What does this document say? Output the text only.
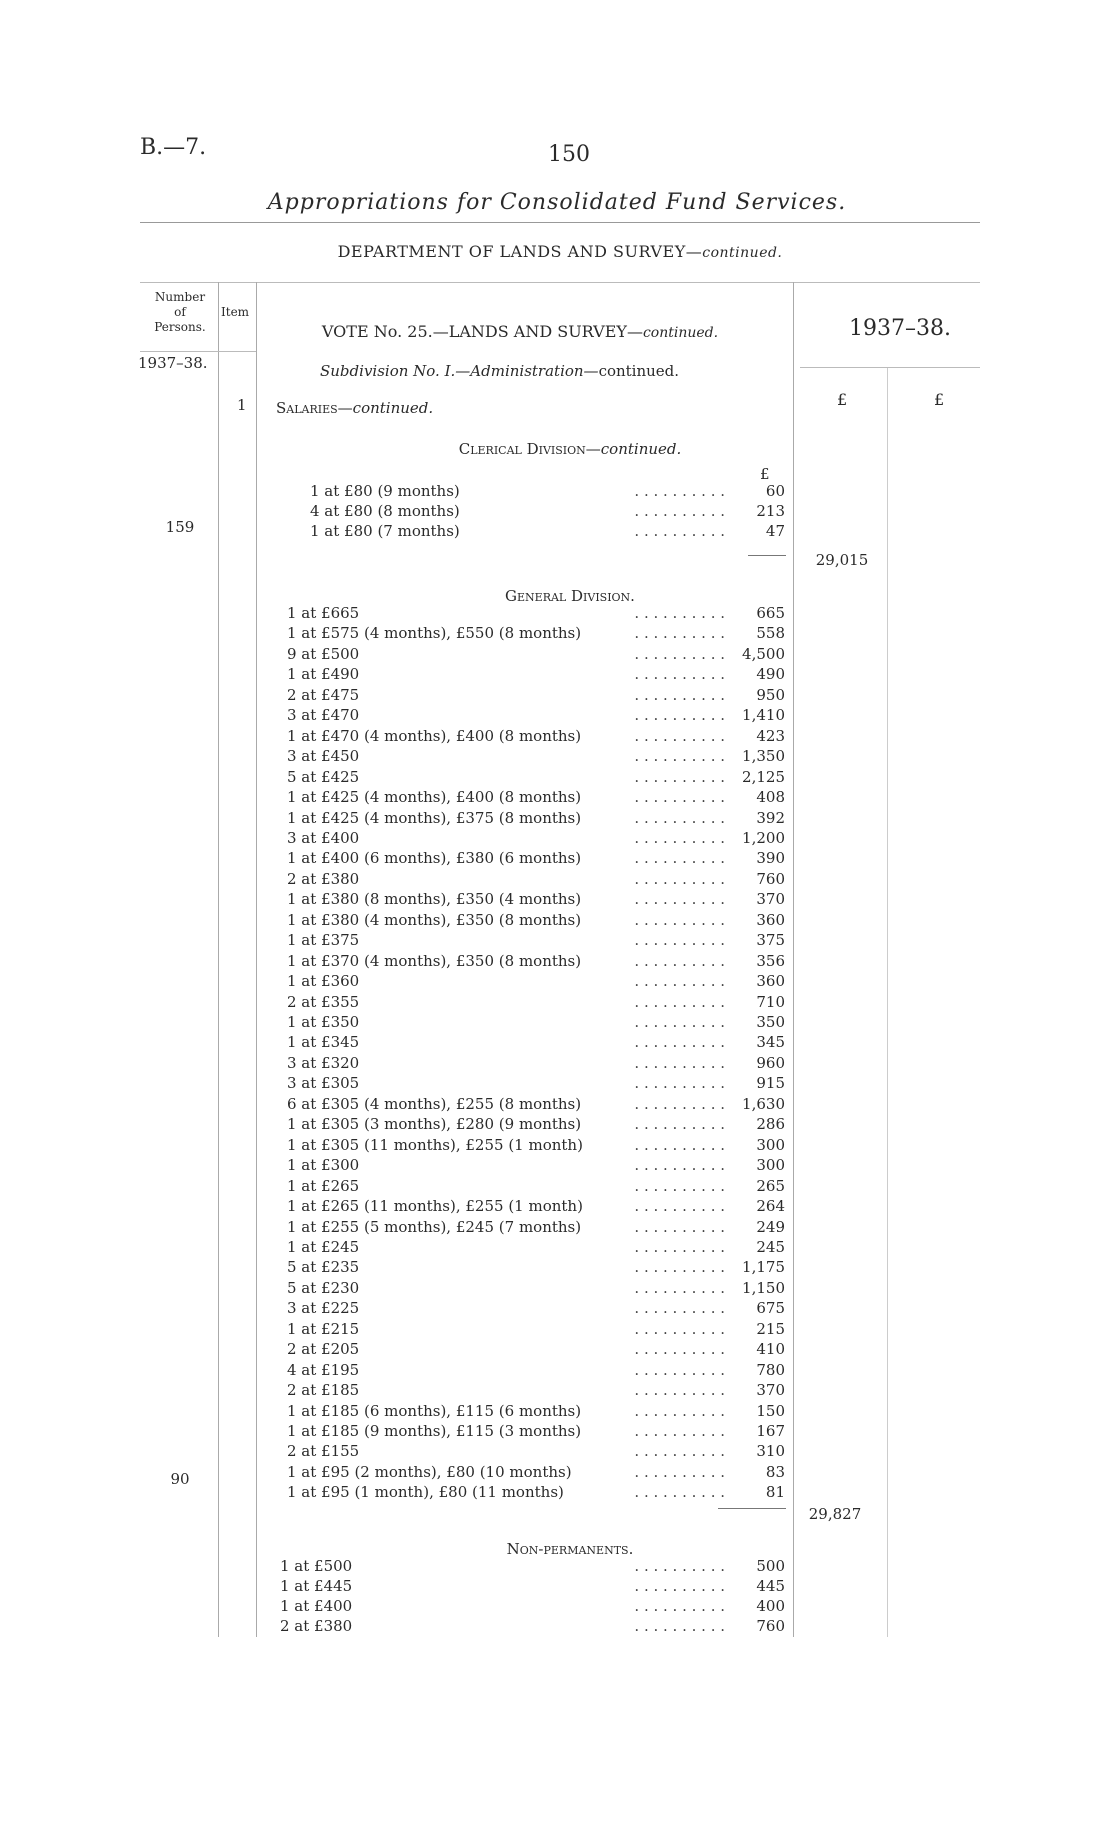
B.—7.	150
Appropriations for Consolidated Fund Services.
DEPARTMENT OF LANDS AND SURVEY—continued.
Number
of
Persons.
Item
1937–38.
1937–38.
£	£
VOTE No. 25.—LANDS AND SURVEY—continued.
Subdivision No. I.—Administration—continued.
1 Salaries—continued.
Clerical Division—continued.
£
1 at £80 (9 months)	. . . . . . . . . .	60
4 at £80 (8 months)	. . . . . . . . . .	213
1 at £80 (7 months)	. . . . . . . . . .	47
159
29,015
General Division.
1 at £665	. . . . . . . . . .	665
1 at £575 (4 months), £550 (8 months)	. . . . . . . . . .	558
9 at £500	. . . . . . . . . .	4,500
1 at £490	. . . . . . . . . .	490
2 at £475	. . . . . . . . . .	950
3 at £470	. . . . . . . . . .	1,410
1 at £470 (4 months), £400 (8 months)	. . . . . . . . . .	423
3 at £450	. . . . . . . . . .	1,350
5 at £425	. . . . . . . . . .	2,125
1 at £425 (4 months), £400 (8 months)	. . . . . . . . . .	408
1 at £425 (4 months), £375 (8 months)	. . . . . . . . . .	392
3 at £400	. . . . . . . . . .	1,200
1 at £400 (6 months), £380 (6 months)	. . . . . . . . . .	390
2 at £380	. . . . . . . . . .	760
1 at £380 (8 months), £350 (4 months)	. . . . . . . . . .	370
1 at £380 (4 months), £350 (8 months)	. . . . . . . . . .	360
1 at £375	. . . . . . . . . .	375
1 at £370 (4 months), £350 (8 months)	. . . . . . . . . .	356
1 at £360	. . . . . . . . . .	360
2 at £355	. . . . . . . . . .	710
1 at £350	. . . . . . . . . .	350
1 at £345	. . . . . . . . . .	345
3 at £320	. . . . . . . . . .	960
3 at £305	. . . . . . . . . .	915
6 at £305 (4 months), £255 (8 months)	. . . . . . . . . .	1,630
1 at £305 (3 months), £280 (9 months)	. . . . . . . . . .	286
1 at £305 (11 months), £255 (1 month)	. . . . . . . . . .	300
1 at £300	. . . . . . . . . .	300
1 at £265	. . . . . . . . . .	265
1 at £265 (11 months), £255 (1 month)	. . . . . . . . . .	264
1 at £255 (5 months), £245 (7 months)	. . . . . . . . . .	249
1 at £245	. . . . . . . . . .	245
5 at £235	. . . . . . . . . .	1,175
5 at £230	. . . . . . . . . .	1,150
3 at £225	. . . . . . . . . .	675
1 at £215	. . . . . . . . . .	215
2 at £205	. . . . . . . . . .	410
4 at £195	. . . . . . . . . .	780
2 at £185	. . . . . . . . . .	370
1 at £185 (6 months), £115 (6 months)	. . . . . . . . . .	150
1 at £185 (9 months), £115 (3 months)	. . . . . . . . . .	167
2 at £155	. . . . . . . . . .	310
1 at £95 (2 months), £80 (10 months)	. . . . . . . . . .	83
1 at £95 (1 month), £80 (11 months)	. . . . . . . . . .	81
90
29,827
Non-permanents.
1 at £500	. . . . . . . . . .	500
1 at £445	. . . . . . . . . .	445
1 at £400	. . . . . . . . . .	400
2 at £380	. . . . . . . . . .	760
